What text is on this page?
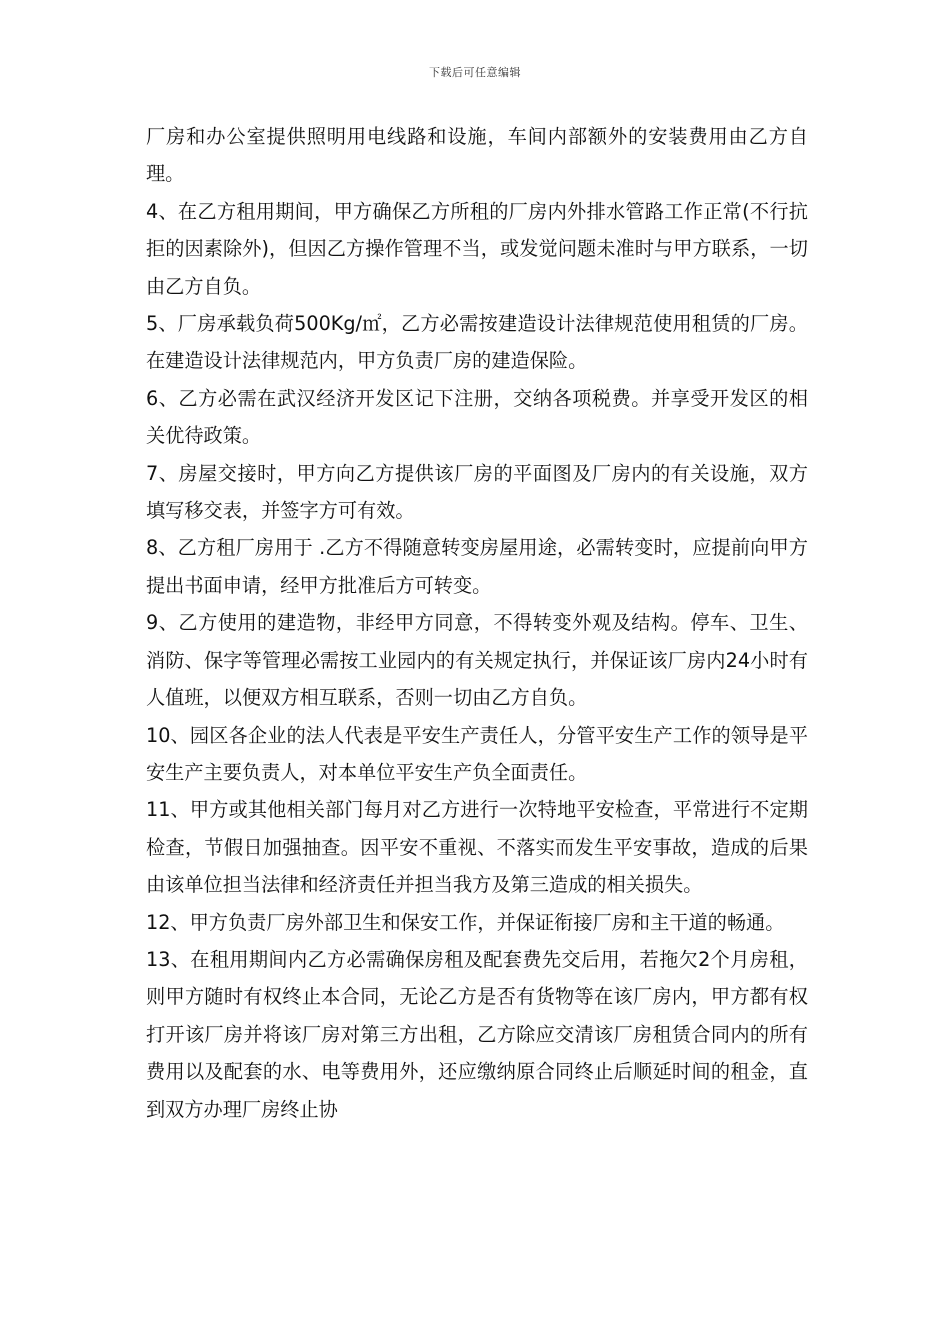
下载后可任意编辑

厂房和办公室提供照明用电线路和设施，车间内部额外的安装费用由乙方自理。

4、在乙方租用期间，甲方确保乙方所租的厂房内外排水管路工作正常(不行抗拒的因素除外)，但因乙方操作管理不当，或发觉问题未准时与甲方联系，一切由乙方自负。

5、厂房承载负荷500Kg/㎡，乙方必需按建造设计法律规范使用租赁的厂房。在建造设计法律规范内，甲方负责厂房的建造保险。

6、乙方必需在武汉经济开发区记下注册，交纳各项税费。并享受开发区的相关优待政策。

7、房屋交接时，甲方向乙方提供该厂房的平面图及厂房内的有关设施，双方填写移交表，并签字方可有效。

8、乙方租厂房用于 .乙方不得随意转变房屋用途，必需转变时，应提前向甲方提出书面申请，经甲方批准后方可转变。

9、乙方使用的建造物，非经甲方同意，不得转变外观及结构。停车、卫生、消防、保字等管理必需按工业园内的有关规定执行，并保证该厂房内24小时有人值班，以便双方相互联系，否则一切由乙方自负。

10、园区各企业的法人代表是平安生产责任人，分管平安生产工作的领导是平安生产主要负责人，对本单位平安生产负全面责任。

11、甲方或其他相关部门每月对乙方进行一次特地平安检查，平常进行不定期检查，节假日加强抽查。因平安不重视、不落实而发生平安事故，造成的后果由该单位担当法律和经济责任并担当我方及第三造成的相关损失。

12、甲方负责厂房外部卫生和保安工作，并保证衔接厂房和主干道的畅通。

13、在租用期间内乙方必需确保房租及配套费先交后用，若拖欠2个月房租，则甲方随时有权终止本合同，无论乙方是否有货物等在该厂房内，甲方都有权打开该厂房并将该厂房对第三方出租，乙方除应交清该厂房租赁合同内的所有费用以及配套的水、电等费用外，还应缴纳原合同终止后顺延时间的租金，直到双方办理厂房终止协
